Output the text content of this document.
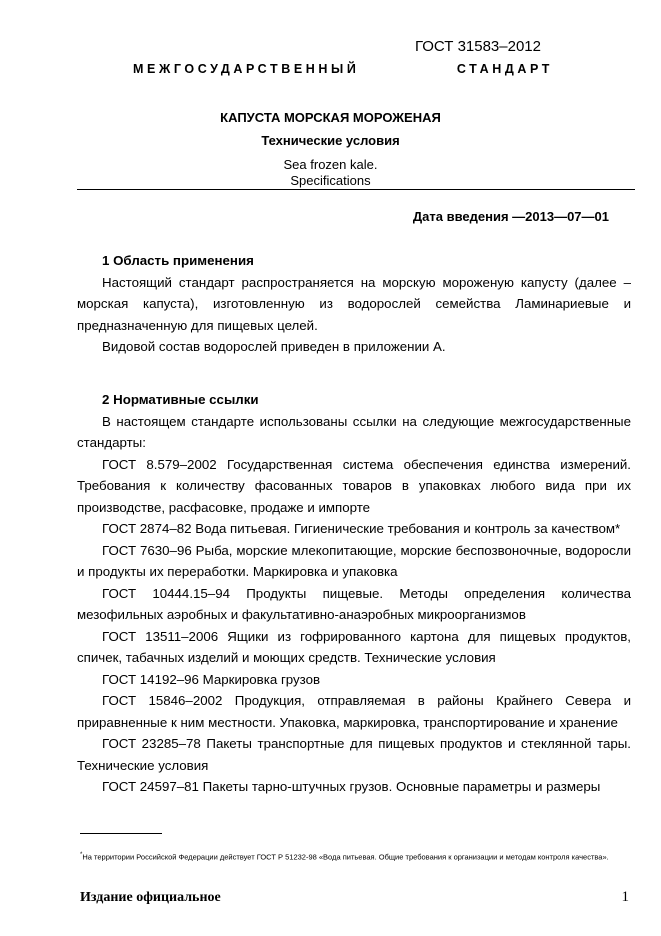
ГОСТ 31583–2012
МЕЖГОСУДАРСТВЕННЫЙ	СТАНДАРТ
КАПУСТА МОРСКАЯ МОРОЖЕНАЯ
Технические условия
Sea frozen kale.
Specifications
Дата введения —2013—07—01

1 Область применения

Настоящий стандарт распространяется на морскую мороженую капусту (далее – морская капуста), изготовленную из водорослей семейства Ламинариевые и предназначенную для пищевых целей.

Видовой состав водорослей приведен в приложении А.

2 Нормативные ссылки

В настоящем стандарте использованы ссылки на следующие межгосударственные стандарты:

ГОСТ 8.579–2002 Государственная система обеспечения единства измерений. Требования к количеству фасованных товаров в упаковках любого вида при их производстве, расфасовке, продаже и импорте

ГОСТ 2874–82 Вода питьевая. Гигиенические требования и контроль за качеством*

ГОСТ 7630–96 Рыба, морские млекопитающие, морские беспозвоночные, водоросли и продукты их переработки. Маркировка и упаковка

ГОСТ 10444.15–94 Продукты пищевые. Методы определения количества мезофильных аэробных и факультативно-анаэробных микроорганизмов

ГОСТ 13511–2006 Ящики из гофрированного картона для пищевых продуктов, спичек, табачных изделий и моющих средств. Технические условия

ГОСТ 14192–96 Маркировка грузов

ГОСТ 15846–2002 Продукция, отправляемая в районы Крайнего Севера и приравненные к ним местности. Упаковка, маркировка, транспортирование и хранение

ГОСТ 23285–78 Пакеты транспортные для пищевых продуктов и стеклянной тары. Технические условия

ГОСТ 24597–81 Пакеты тарно-штучных грузов. Основные параметры и размеры

*На территории Российской Федерации действует ГОСТ Р 51232-98 «Вода питьевая. Общие требования к организации и методам контроля качества».
Издание официальное	1
